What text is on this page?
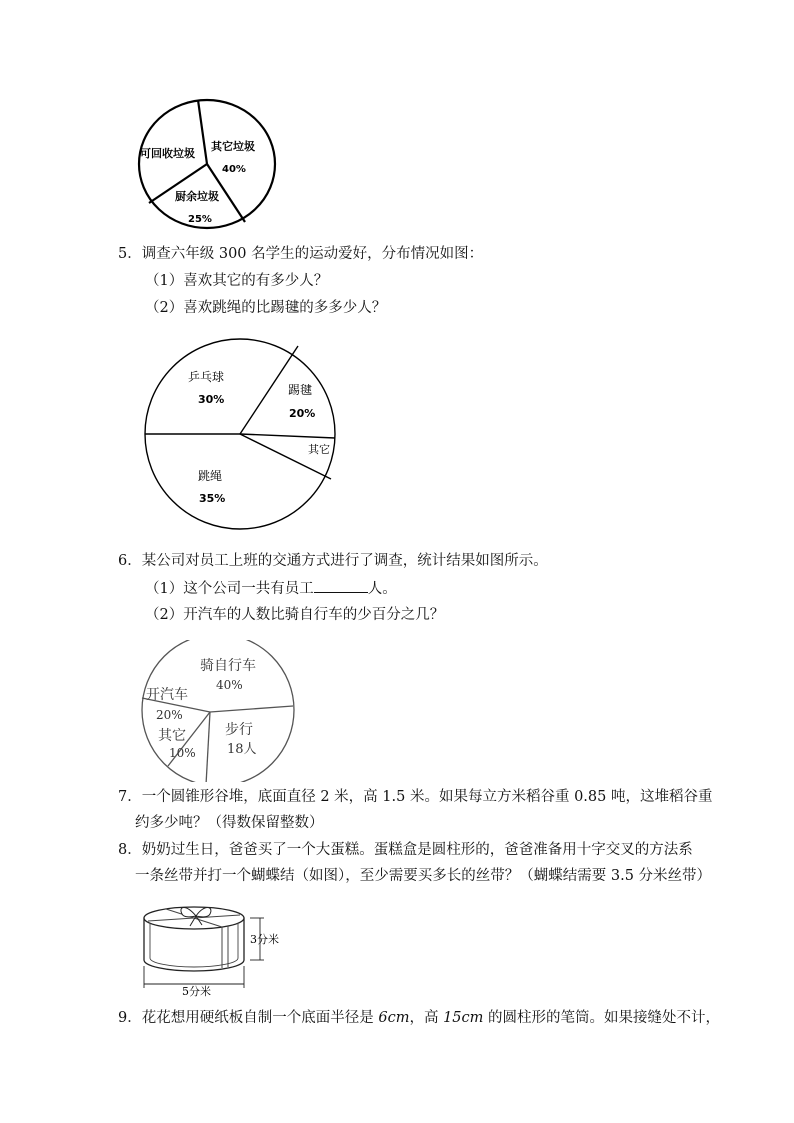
可回收垃圾
其它垃圾
40%
厨余垃圾
25%
5．调查六年级 300 名学生的运动爱好，分布情况如图：
（1）喜欢其它的有多少人？
（2）喜欢跳绳的比踢毽的多多少人？
乒乓球
30%
踢毽
20%
其它
跳绳
35%
6．某公司对员工上班的交通方式进行了调查，统计结果如图所示。
（1）这个公司一共有员工	人。
（2）开汽车的人数比骑自行车的少百分之几？
骑自行车
40%
开汽车
20%
其它
10%
步行
18人
7．一个圆锥形谷堆，底面直径 2 米，高 1.5 米。如果每立方米稻谷重 0.85 吨，这堆稻谷重
约多少吨？（得数保留整数）
8．奶奶过生日，爸爸买了一个大蛋糕。蛋糕盒是圆柱形的，爸爸准备用十字交叉的方法系
一条丝带并打一个蝴蝶结（如图），至少需要买多长的丝带？（蝴蝶结需要 3.5 分米丝带）
3分米
5分米
9．花花想用硬纸板自制一个底面半径是 6cm，高 15cm 的圆柱形的笔筒。如果接缝处不计，
